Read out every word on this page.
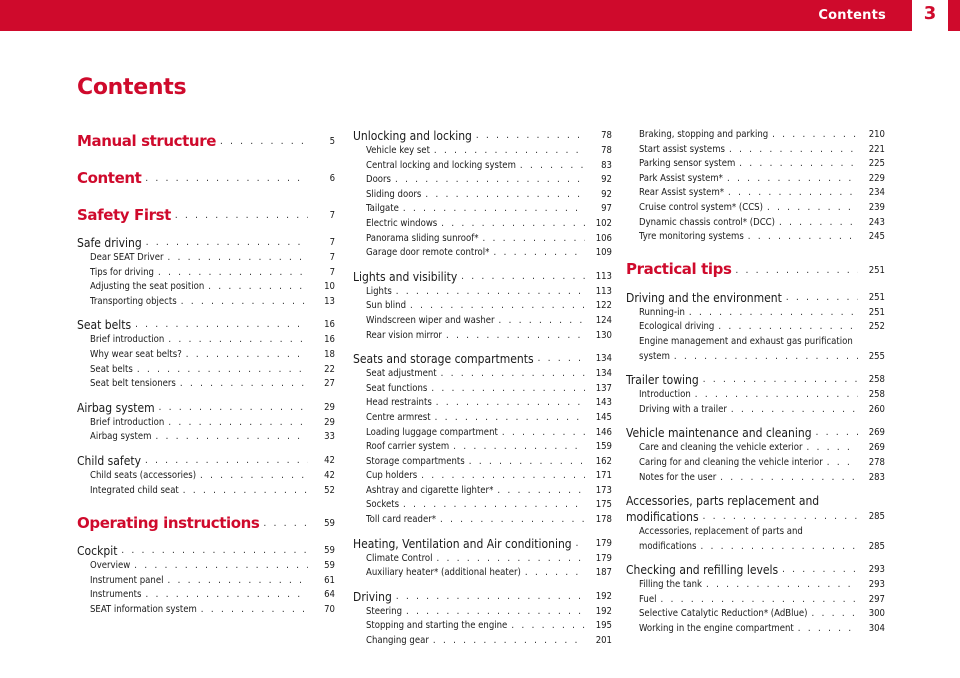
Contents	3
Contents
Manual structure . . .	5
Content . . .	6
Safety First . . .	7
Safe driving . . .	7
Dear SEAT Driver . . .	7
Tips for driving . . .	7
Adjusting the seat position . . .	10
Transporting objects . . .	13
Seat belts . . .	16
Brief introduction . . .	16
Why wear seat belts? . . .	18
Seat belts . . .	22
Seat belt tensioners . . .	27
Airbag system . . .	29
Brief introduction . . .	29
Airbag system . . .	33
Child safety . . .	42
Child seats (accessories) . . .	42
Integrated child seat . . .	52
Operating instructions . . .	59
Cockpit . . .	59
Overview . . .	59
Instrument panel . . .	61
Instruments . . .	64
SEAT information system . . .	70
Unlocking and locking . . .	78
Vehicle key set . . .	78
Central locking and locking system . . .	83
Doors . . .	92
Sliding doors . . .	92
Tailgate . . .	97
Electric windows . . .	102
Panorama sliding sunroof* . . .	106
Garage door remote control* . . .	109
Lights and visibility . . .	113
Lights . . .	113
Sun blind . . .	122
Windscreen wiper and washer . . .	124
Rear vision mirror . . .	130
Seats and storage compartments . . .	134
Seat adjustment . . .	134
Seat functions . . .	137
Head restraints . . .	143
Centre armrest . . .	145
Loading luggage compartment . . .	146
Roof carrier system . . .	159
Storage compartments . . .	162
Cup holders . . .	171
Ashtray and cigarette lighter* . . .	173
Sockets . . .	175
Toll card reader* . . .	178
Heating, Ventilation and Air conditioning . . .	179
Climate Control . . .	179
Auxiliary heater* (additional heater) . . .	187
Driving . . .	192
Steering . . .	192
Stopping and starting the engine . . .	195
Changing gear . . .	201
Braking, stopping and parking . . .	210
Start assist systems . . .	221
Parking sensor system . . .	225
Park Assist system* . . .	229
Rear Assist system* . . .	234
Cruise control system* (CCS) . . .	239
Dynamic chassis control* (DCC) . . .	243
Tyre monitoring systems . . .	245
Practical tips . . .	251
Driving and the environment . . .	251
Running-in . . .	251
Ecological driving . . .	252
Engine management and exhaust gas purification
system . . .	255
Trailer towing . . .	258
Introduction . . .	258
Driving with a trailer . . .	260
Vehicle maintenance and cleaning . . .	269
Care and cleaning the vehicle exterior . . .	269
Caring for and cleaning the vehicle interior . . .	278
Notes for the user . . .	283
Accessories, parts replacement and
modifications . . .	285
Accessories, replacement of parts and
modifications . . .	285
Checking and refilling levels . . .	293
Filling the tank . . .	293
Fuel . . .	297
Selective Catalytic Reduction* (AdBlue) . . .	300
Working in the engine compartment . . .	304
